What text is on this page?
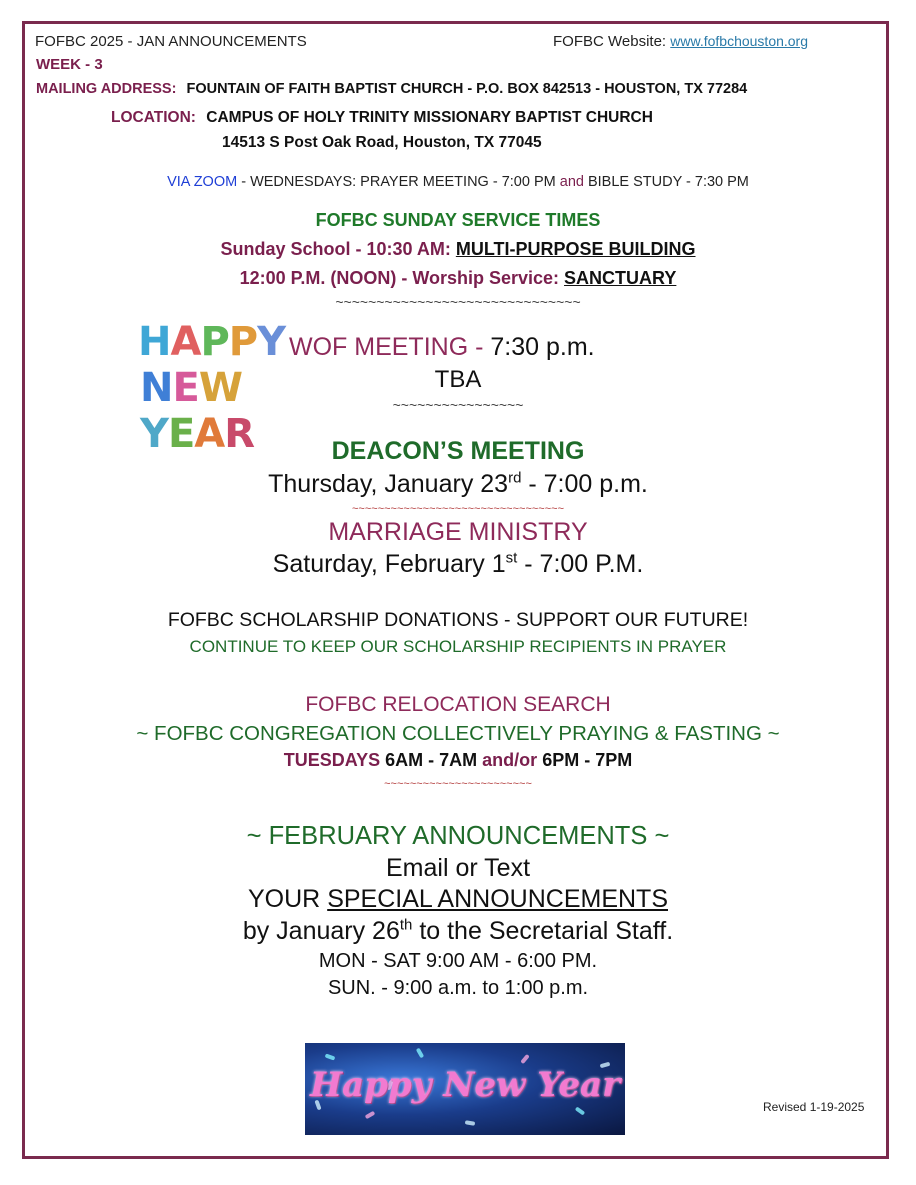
FOFBC 2025 - JAN ANNOUNCEMENTS	FOFBC Website: www.fofbchouston.org
WEEK - 3
MAILING ADDRESS: FOUNTAIN OF FAITH BAPTIST CHURCH - P.O. BOX 842513 - HOUSTON, TX 77284
LOCATION: CAMPUS OF HOLY TRINITY MISSIONARY BAPTIST CHURCH
14513 S Post Oak Road, Houston, TX 77045
VIA ZOOM - WEDNESDAYS: PRAYER MEETING - 7:00 PM and BIBLE STUDY - 7:30 PM
FOFBC SUNDAY SERVICE TIMES
Sunday School - 10:30 AM: MULTI-PURPOSE BUILDING
12:00 P.M. (NOON) - Worship Service: SANCTUARY
~~~~~~~~~~~~~~~~~~~~~~~~~~~~~~
HAPPY
NEW
YEAR
WOF MEETING - 7:30 p.m.
TBA
~~~~~~~~~~~~~~~~
DEACON’S MEETING
Thursday, January 23rd - 7:00 p.m.
~~~~~~~~~~~~~~~~~~~~~~~~~~~~~~~~~
MARRIAGE MINISTRY
Saturday, February 1st - 7:00 P.M.
FOFBC SCHOLARSHIP DONATIONS - SUPPORT OUR FUTURE!
CONTINUE TO KEEP OUR SCHOLARSHIP RECIPIENTS IN PRAYER
FOFBC RELOCATION SEARCH
~ FOFBC CONGREGATION COLLECTIVELY PRAYING & FASTING ~
TUESDAYS 6AM - 7AM and/or 6PM - 7PM
~~~~~~~~~~~~~~~~~~~~~~~
~ FEBRUARY ANNOUNCEMENTS ~
Email or Text
YOUR SPECIAL ANNOUNCEMENTS
by January 26th to the Secretarial Staff.
MON - SAT 9:00 AM - 6:00 PM.
SUN. - 9:00 a.m. to 1:00 p.m.
Happy New Year
Revised 1-19-2025
